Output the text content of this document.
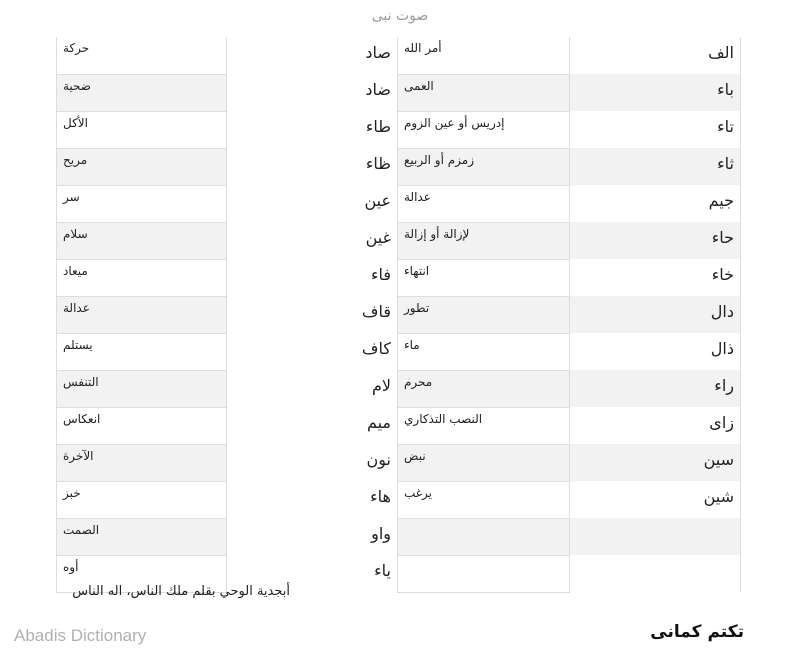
صوت نبی
حركة	صاد	أمر الله	الف
ضحية	ضاد	العمى	باء
الأكل	طاء	إدريس أو عين الزوم	تاء
مريح	ظاء	زمزم أو الربيع	ثاء
سر	عين	عدالة	جيم
سلام	غين	لإزالة أو إزالة	حاء
ميعاد	فاء	انتهاء	خاء
عدالة	قاف	تطور	دال
يستلم	كاف	ماء	ذال
التنفس	لام	محرم	راء
انعكاس	ميم	النصب التذكاري	زای
الآخرة	نون	نبض	سين
خبز	هاء	يرغب	شين
الصمت	واو		
أوه	ياء		
أبجدية الوحي بقلم ملك الناس، اله الناس
Abadis Dictionary	تکتم کمانی
